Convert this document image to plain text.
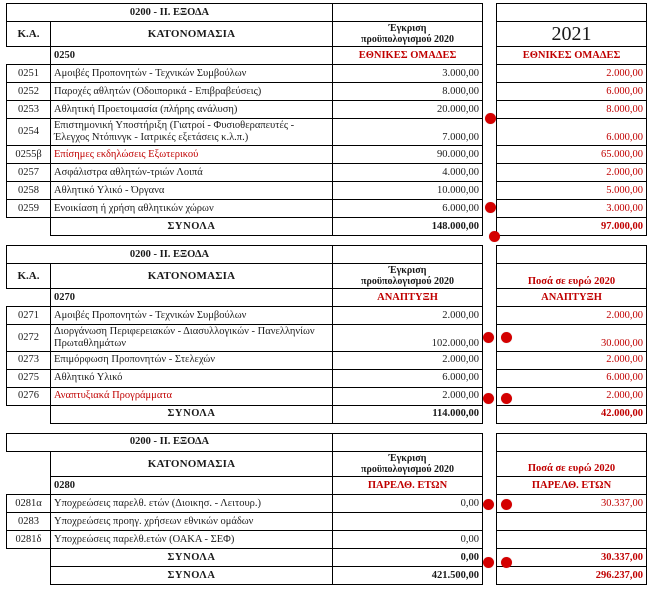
0200 - II. ΕΞΟΔΑ				
Κ.Α.	ΚΑΤΟΝΟΜΑΣΙΑ	Έγκριση
προϋπολογισμού 2020		2021
	0250	ΕΘΝΙΚΕΣ ΟΜΑΔΕΣ		ΕΘΝΙΚΕΣ ΟΜΑΔΕΣ
0251	Αμοιβές Προπονητών - Τεχνικών Συμβούλων	3.000,00		2.000,00
0252	Παροχές αθλητών (Οδοιπορικά - Επιβραβεύσεις)	8.000,00		6.000,00
0253	Αθλητική Προετοιμασία (πλήρης ανάλυση)	20.000,00		8.000,00
0254	Επιστημονική Υποστήριξη (Γιατροί - Φυσιοθεραπευτές - Έλεγχος Ντόπινγκ - Ιατρικές εξετάσεις κ.λ.π.)	7.000,00		6.000,00
0255β	Επίσημες εκδηλώσεις Εξωτερικού	90.000,00		65.000,00
0257	Ασφάλιστρα αθλητών-τριών Λοιπά	4.000,00		2.000,00
0258	Αθλητικό Υλικό - Όργανα	10.000,00		5.000,00
0259	Ενοικίαση ή χρήση αθλητικών χώρων	6.000,00		3.000,00
	ΣΥΝΟΛΑ	148.000,00		97.000,00
0200 - II. ΕΞΟΔΑ				
Κ.Α.	ΚΑΤΟΝΟΜΑΣΙΑ	Έγκριση
προϋπολογισμού 2020		Ποσά σε ευρώ 2020
	0270	ΑΝΑΠΤΥΞΗ		ΑΝΑΠΤΥΞΗ
0271	Αμοιβές Προπονητών - Τεχνικών Συμβούλων	2.000,00		2.000,00
0272	Διοργάνωση Περιφερειακών - Διασυλλογικών - Πανελληνίων Πρωταθλημάτων	102.000,00		30.000,00
0273	Επιμόρφωση Προπονητών - Στελεχών	2.000,00		2.000,00
0275	Αθλητικό Υλικό	6.000,00		6.000,00
0276	Αναπτυξιακά Προγράμματα	2.000,00		2.000,00
	ΣΥΝΟΛΑ	114.000,00		42.000,00
0200 - II. ΕΞΟΔΑ				
	ΚΑΤΟΝΟΜΑΣΙΑ	Έγκριση
προϋπολογισμού 2020		Ποσά σε ευρώ 2020
	0280	ΠΑΡΕΛΘ. ΕΤΩΝ		ΠΑΡΕΛΘ. ΕΤΩΝ
0281α	Υποχρεώσεις παρελθ. ετών (Διοικησ. - Λειτουρ.)	0,00		30.337,00
0283	Υποχρεώσεις προηγ. χρήσεων εθνικών ομάδων			
0281δ	Υποχρεώσεις παρελθ.ετών (ΟΑΚΑ - ΣΕΦ)	0,00		
	ΣΥΝΟΛΑ	0,00		30.337,00
	ΣΥΝΟΛΑ	421.500,00		296.237,00
